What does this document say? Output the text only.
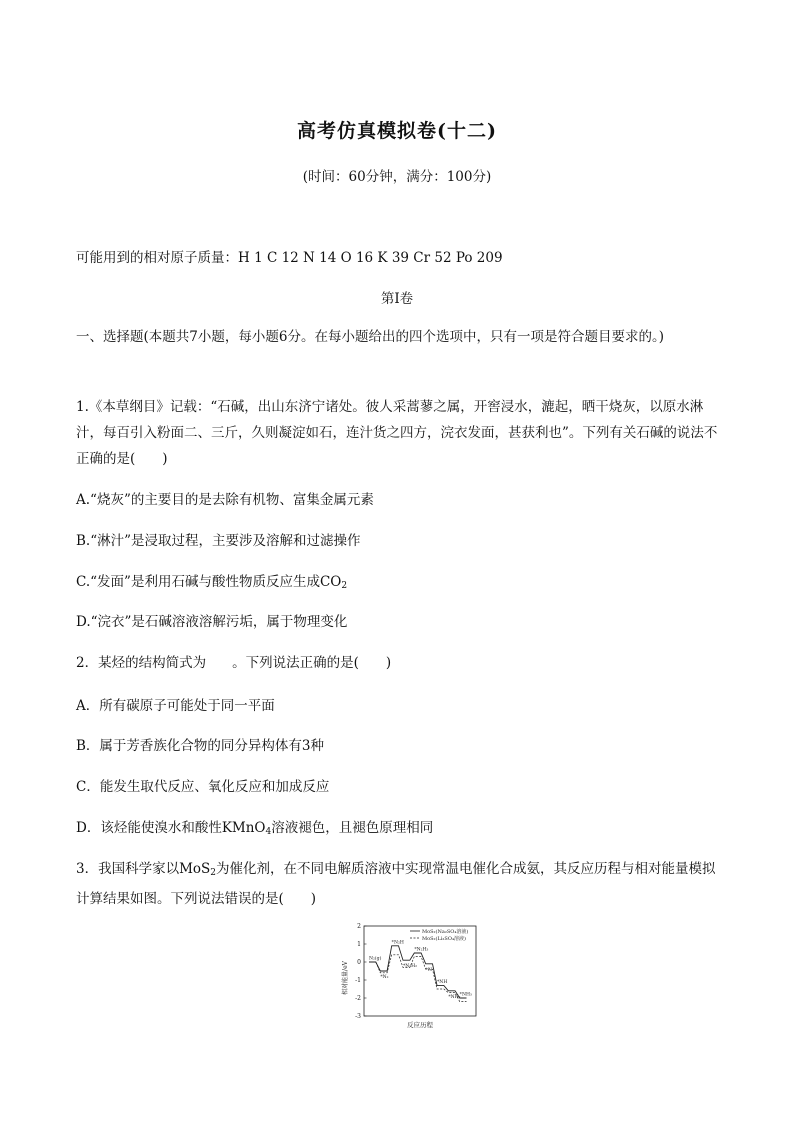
高考仿真模拟卷(十二)
(时间：60分钟，满分：100分)
可能用到的相对原子质量：H 1 C 12 N 14 O 16 K 39 Cr 52 Po 209
第Ⅰ卷
一、选择题(本题共7小题，每小题6分。在每小题给出的四个选项中，只有一项是符合题目要求的。)
1.《本草纲目》记载：“石碱，出山东济宁诸处。彼人采蒿蓼之属，开窖浸水，漉起，晒干烧灰，以原水淋汁，每百引入粉面二、三斤，久则凝淀如石，连汁货之四方，浣衣发面，甚获利也”。下列有关石碱的说法不正确的是(　　)
A.“烧灰”的主要目的是去除有机物、富集金属元素
B.“淋汁”是浸取过程，主要涉及溶解和过滤操作
C.“发面”是利用石碱与酸性物质反应生成$CO_2$
D.“浣衣”是石碱溶液溶解污垢，属于物理变化
2．某烃的结构简式为 。下列说法正确的是(　　)
A．所有碳原子可能处于同一平面
B．属于芳香族化合物的同分异构体有3种
C．能发生取代反应、氧化反应和加成反应
D．该烃能使溴水和酸性KMnO$_4$溶液褪色，且褪色原理相同
3．我国科学家以MoS$_2$为催化剂，在不同电解质溶液中实现常温电催化合成氨，其反应历程与相对能量模拟计算结果如图。下列说法错误的是(　　)
相对能量/eV
反应历程
2
1
0
-1
-2
-3
MoS₂(Na₂SO₄溶液)
MoS₂(Li₂SO₄溶液)
N₂(g)
*N₂
*N₂H
*N₂H₂
*N₂H₃
*N
*NH
*NH₂ *NH₃
